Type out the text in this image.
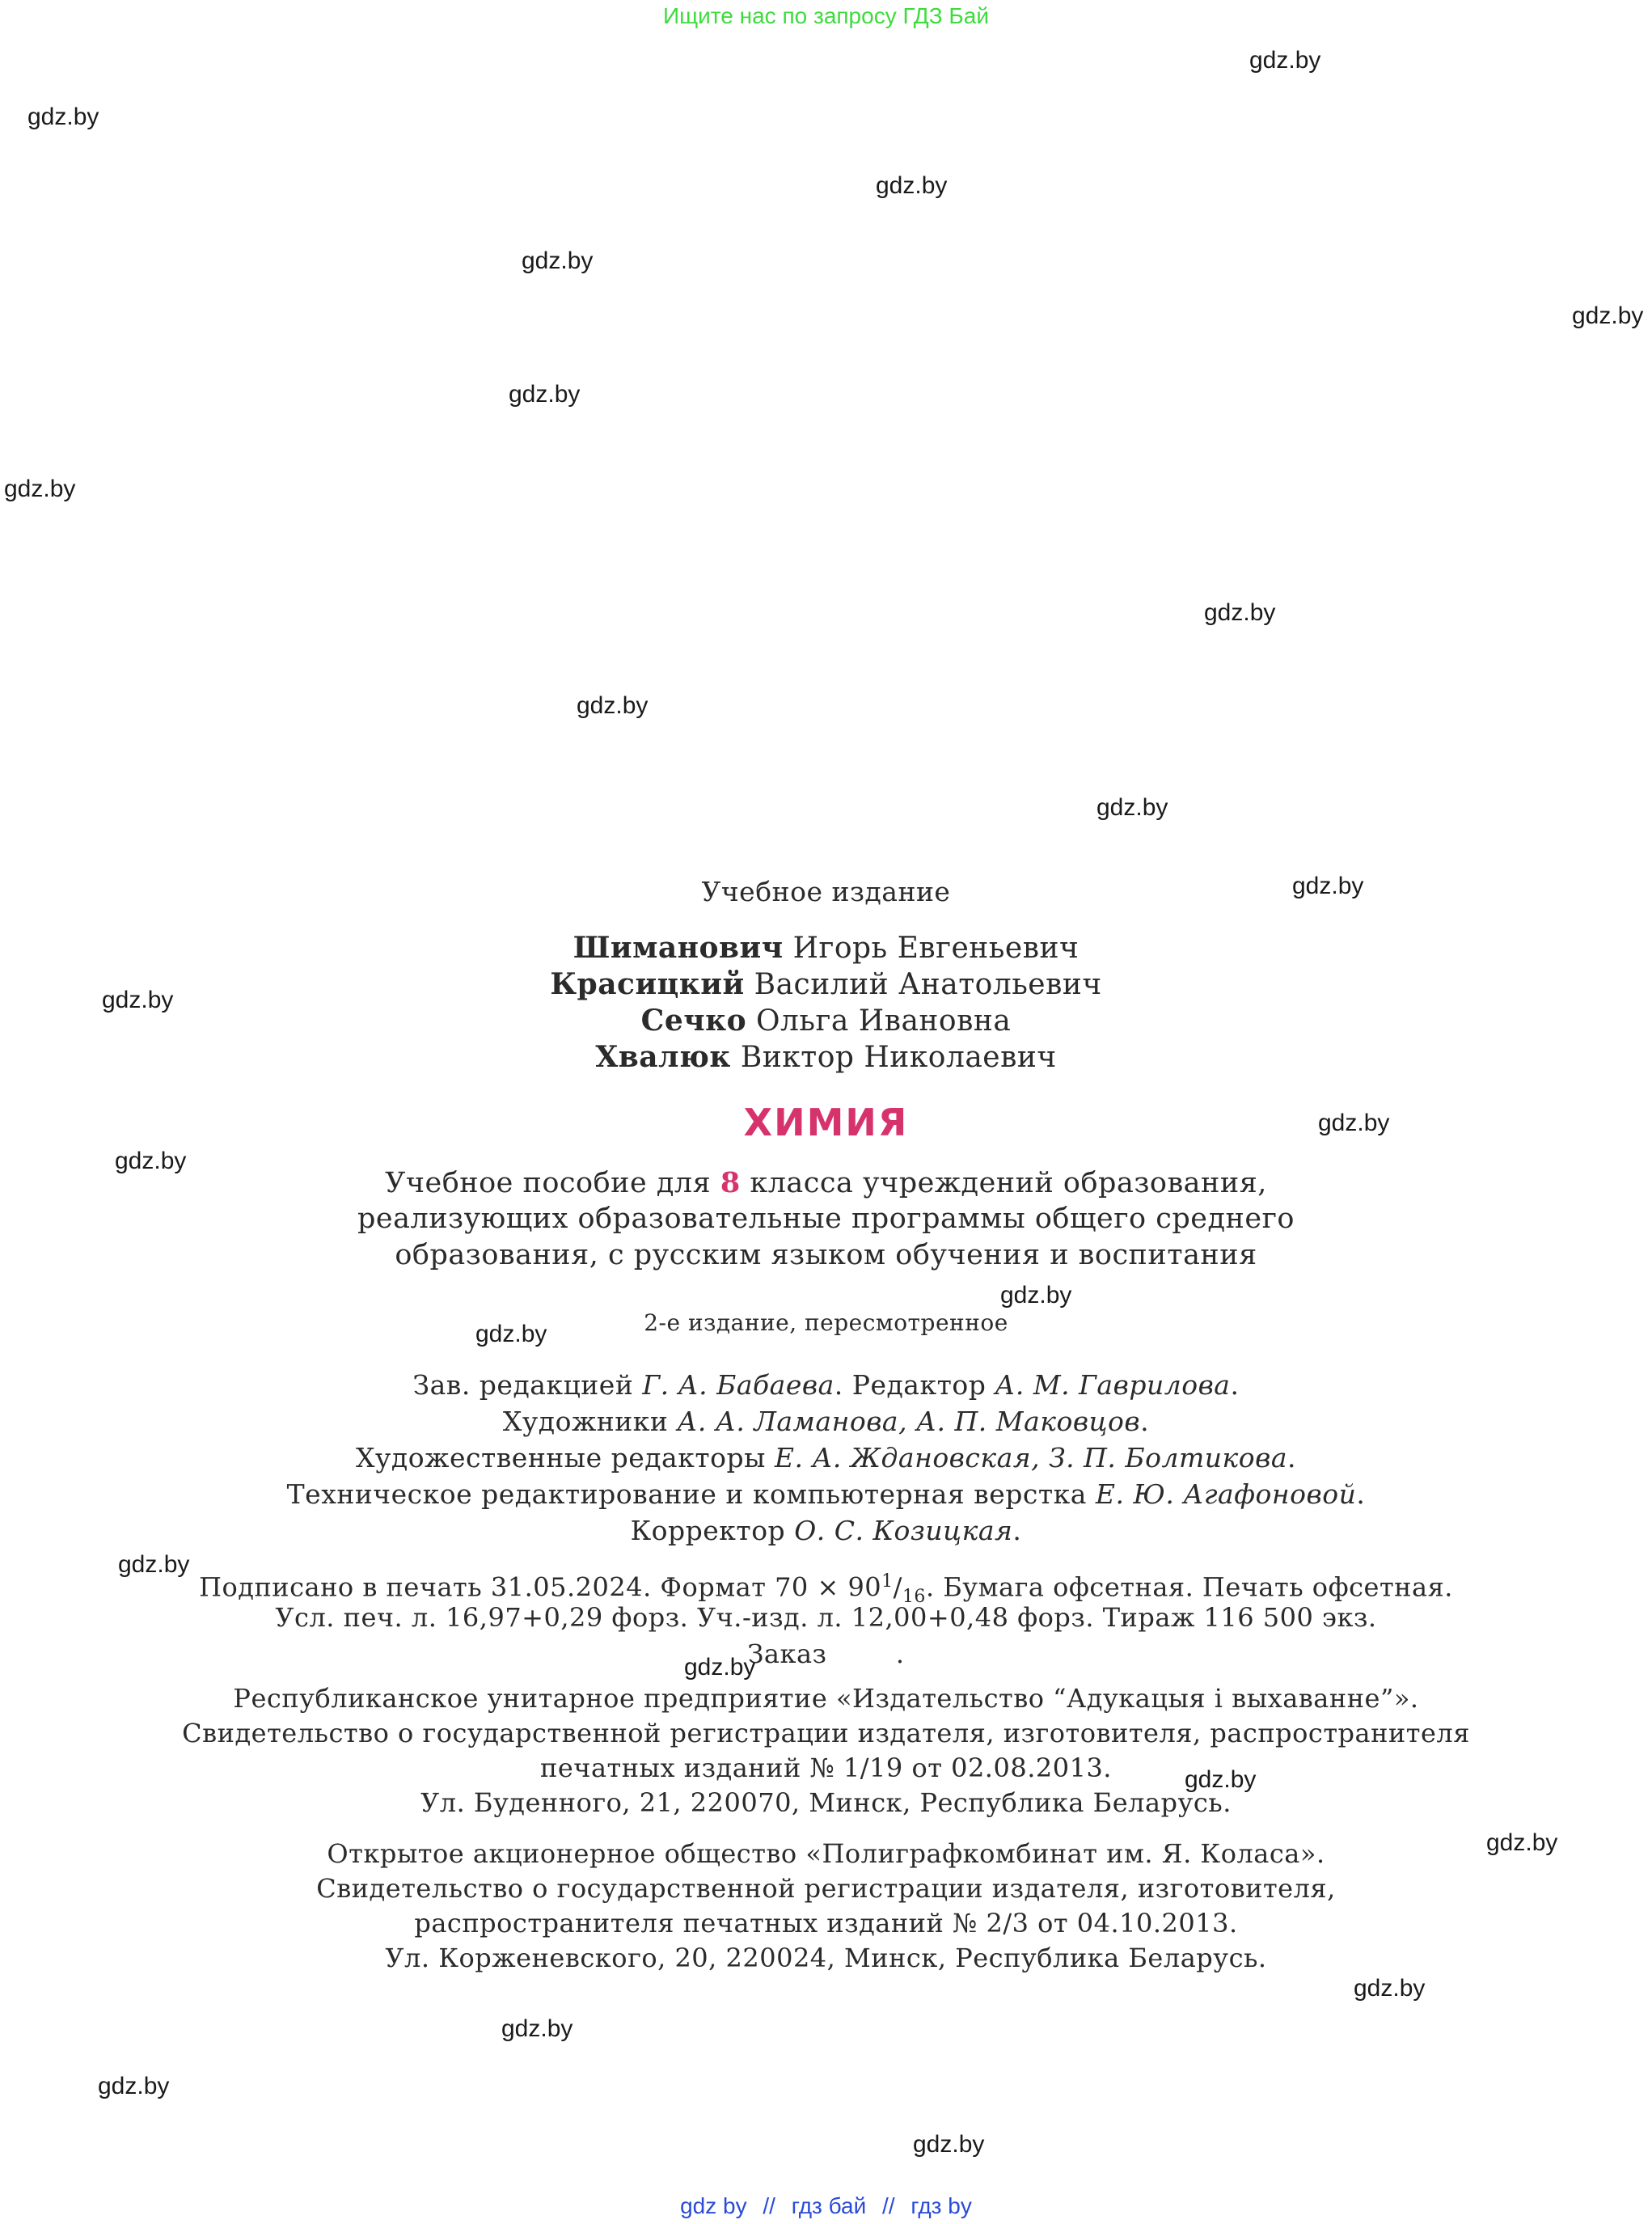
Ищите нас по запросу ГДЗ Бай
gdz.by
gdz.by
gdz.by
gdz.by
gdz.by
gdz.by
gdz.by
gdz.by
gdz.by
gdz.by
gdz.by
gdz.by
gdz.by
gdz.by
gdz.by
gdz.by
gdz.by
gdz.by
gdz.by
gdz.by
gdz.by
gdz.by
gdz.by
gdz.by
Учебное издание
Шиманович Игорь Евгеньевич
Красицкий Василий Анатольевич
Сечко Ольга Ивановна
Хвалюк Виктор Николаевич
ХИМИЯ
Учебное пособие для 8 класса учреждений образования,
реализующих образовательные программы общего среднего
образования, с русским языком обучения и воспитания
2-е издание, пересмотренное
Зав. редакцией Г. А. Бабаева. Редактор А. М. Гаврилова.
Художники А. А. Ламанова, А. П. Маковцов.
Художественные редакторы Е. А. Ждановская, З. П. Болтикова.
Техническое редактирование и компьютерная верстка Е. Ю. Агафоновой.
Корректор О. С. Козицкая.
Подписано в печать 31.05.2024. Формат $70 \times 90^1/_{16}$. Бумага офсетная. Печать офсетная.
Усл. печ. л. 16,97+0,29 форз. Уч.-изд. л. 12,00+0,48 форз. Тираж 116 500 экз.
Заказ        .
Республиканское унитарное предприятие «Издательство “Адукацыя і выхаванне”».
Свидетельство о государственной регистрации издателя, изготовителя, распространителя
печатных изданий № 1/19 от 02.08.2013.
Ул. Буденного, 21, 220070, Минск, Республика Беларусь.
Открытое акционерное общество «Полиграфкомбинат им. Я. Коласа».
Свидетельство о государственной регистрации издателя, изготовителя,
распространителя печатных изданий № 2/3 от 04.10.2013.
Ул. Корженевского, 20, 220024, Минск, Республика Беларусь.
gdz by // гдз бай // гдз by
